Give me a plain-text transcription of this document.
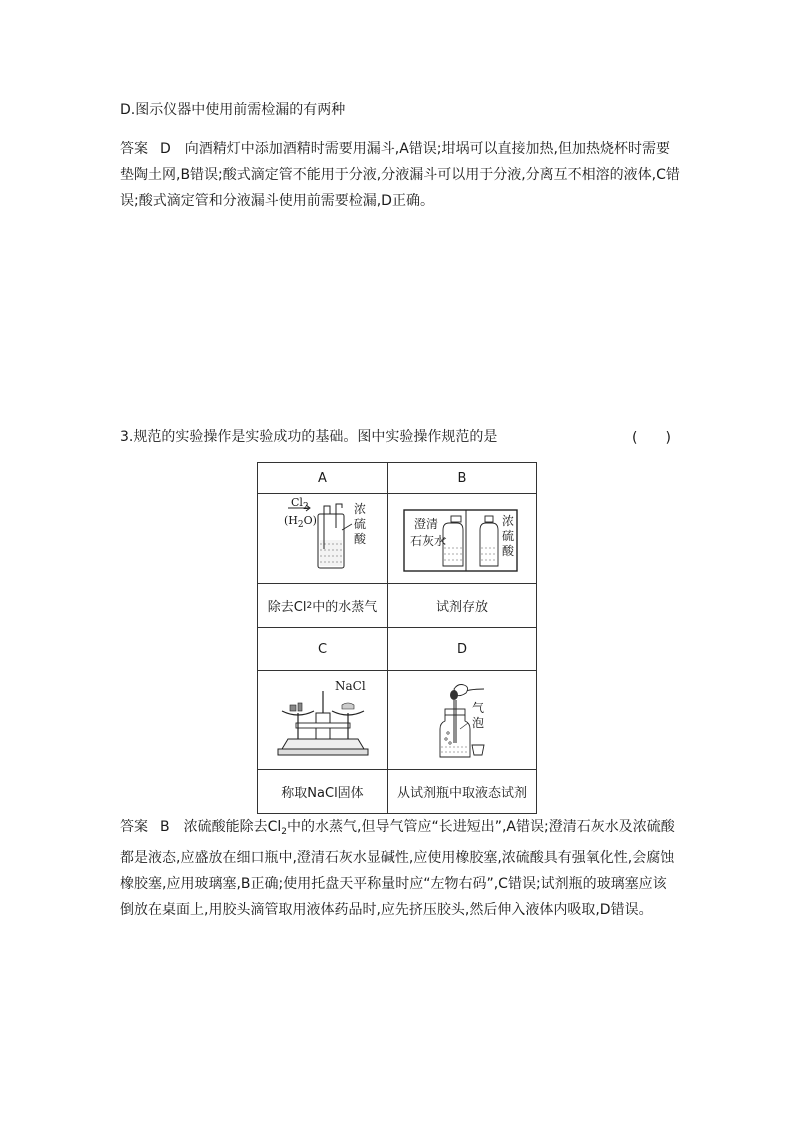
D.图示仪器中使用前需检漏的有两种
答案 D 向酒精灯中添加酒精时需要用漏斗,A错误;坩埚可以直接加热,但加热烧杯时需要垫陶土网,B错误;酸式滴定管不能用于分液,分液漏斗可以用于分液,分离互不相溶的液体,C错误;酸式滴定管和分液漏斗使用前需要检漏,D正确。
3.规范的实验操作是实验成功的基础。图中实验操作规范的是	(　　)
A	B
$Cl_2$
$(H_2O)$
浓
硫
酸
澄清
石灰水
浓
硫
酸
除去Cl 2 中的水蒸气	试剂存放
C	D
NaCl
气
泡
称取NaCl固体	从试剂瓶中取液态试剂
答案 B 浓硫酸能除去$Cl_2$中的水蒸气,但导气管应“长进短出”,A错误;澄清石灰水及浓硫酸都是液态,应盛放在细口瓶中,澄清石灰水显碱性,应使用橡胶塞,浓硫酸具有强氧化性,会腐蚀橡胶塞,应用玻璃塞,B正确;使用托盘天平称量时应“左物右码”,C错误;试剂瓶的玻璃塞应该倒放在桌面上,用胶头滴管取用液体药品时,应先挤压胶头,然后伸入液体内吸取,D错误。
